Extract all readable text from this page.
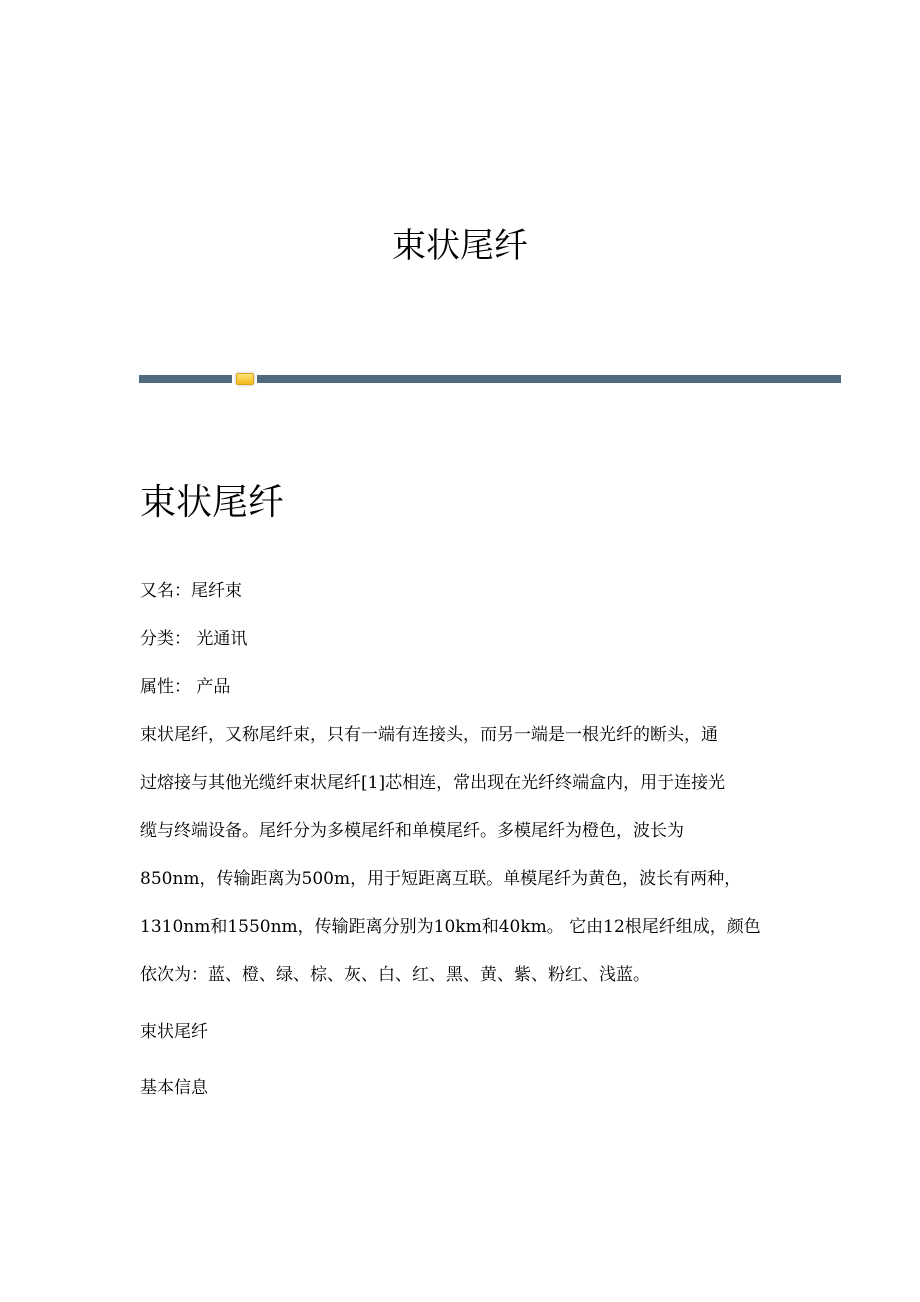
束状尾纤
束状尾纤
又名：尾纤束
分类： 光通讯
属性： 产品
束状尾纤，又称尾纤束，只有一端有连接头，而另一端是一根光纤的断头，通
过熔接与其他光缆纤束状尾纤[1]芯相连，常出现在光纤终端盒内，用于连接光
缆与终端设备。尾纤分为多模尾纤和单模尾纤。多模尾纤为橙色，波长为
850nm，传输距离为500m，用于短距离互联。单模尾纤为黄色，波长有两种，
1310nm和1550nm，传输距离分别为10km和40km。 它由12根尾纤组成，颜色
依次为：蓝、橙、绿、棕、灰、白、红、黑、黄、紫、粉红、浅蓝。
束状尾纤
基本信息
